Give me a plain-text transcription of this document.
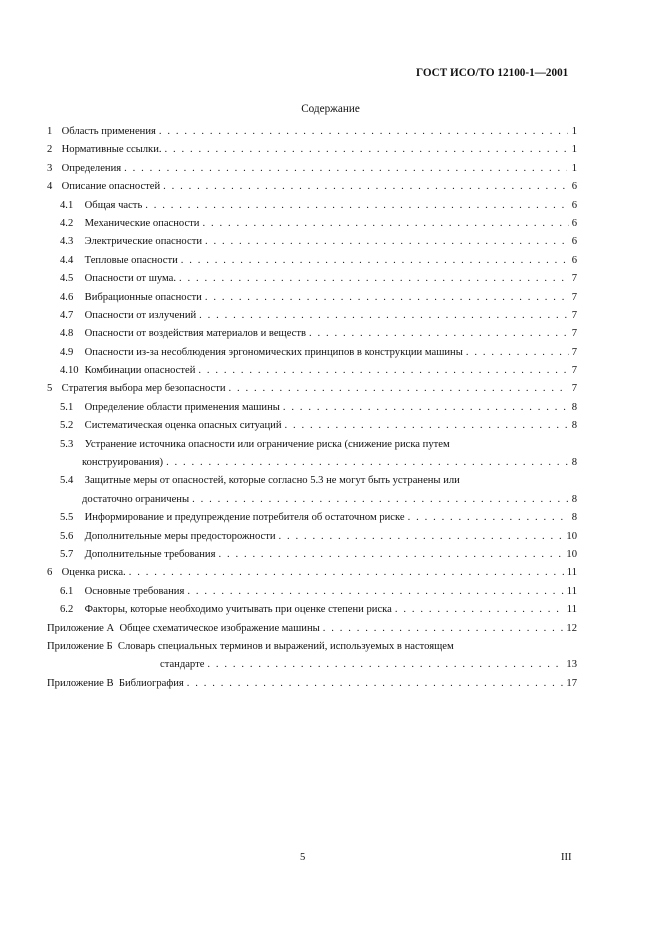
ГОСТ ИСО/ТО 12100-1—2001
Содержание
1 Область применения . . .	1
2 Нормативные ссылки. . . .	1
3 Определения . . .	1
4 Описание опасностей . . .	6
4.1 Общая часть . . .	6
4.2 Механические опасности . . .	6
4.3 Электрические опасности . . .	6
4.4 Тепловые опасности . . .	6
4.5 Опасности от шума. . . .	7
4.6 Вибрационные опасности . . .	7
4.7 Опасности от излучений . . .	7
4.8 Опасности от воздействия материалов и веществ . . .	7
4.9 Опасности из-за несоблюдения эргономических принципов в конструкции машины . . .	7
4.10 Комбинации опасностей . . .	7
5 Стратегия выбора мер безопасности . . .	7
5.1 Определение области применения машины . . .	8
5.2 Систематическая оценка опасных ситуаций . . .	8
5.3 Устранение источника опасности или ограничение риска (снижение риска путем
конструирования) . . .	8
5.4 Защитные меры от опасностей, которые согласно 5.3 не могут быть устранены или
достаточно ограничены . . .	8
5.5 Информирование и предупреждение потребителя об остаточном риске . . .	8
5.6 Дополнительные меры предосторожности . . .	10
5.7 Дополнительные требования . . .	10
6 Оценка риска. . . .	11
6.1 Основные требования . . .	11
6.2 Факторы, которые необходимо учитывать при оценке степени риска . . .	11
Приложение А Общее схематическое изображение машины . . .	12
Приложение Б Словарь специальных терминов и выражений, используемых в настоящем
стандарте . . .	13
Приложение В Библиография . . .	17
5	III
